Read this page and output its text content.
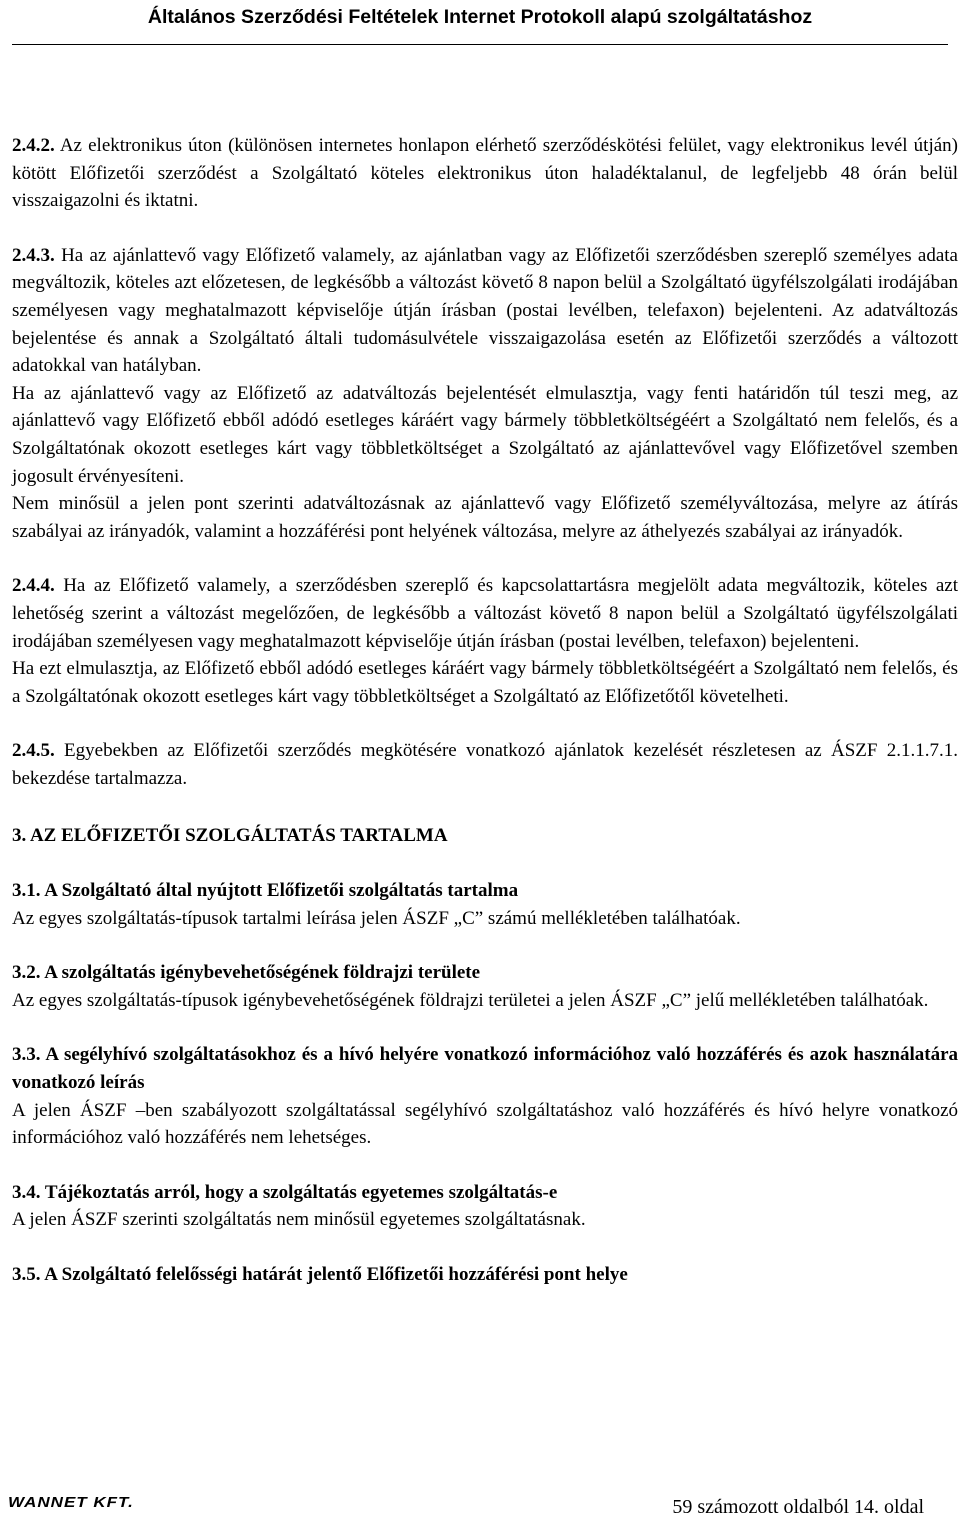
Általános Szerződési Feltételek Internet Protokoll alapú szolgáltatáshoz

2.4.2. Az elektronikus úton (különösen internetes honlapon elérhető szerződéskötési felület, vagy elektronikus levél útján) kötött Előfizetői szerződést a Szolgáltató köteles elektronikus úton haladéktalanul, de legfeljebb 48 órán belül visszaigazolni és iktatni.

2.4.3. Ha az ajánlattevő vagy Előfizető valamely, az ajánlatban vagy az Előfizetői szerződésben szereplő személyes adata megváltozik, köteles azt előzetesen, de legkésőbb a változást követő 8 napon belül a Szolgáltató ügyfélszolgálati irodájában személyesen vagy meghatalmazott képviselője útján írásban (postai levélben, telefaxon) bejelenteni. Az adatváltozás bejelentése és annak a Szolgáltató általi tudomásulvétele visszaigazolása esetén az Előfizetői szerződés a változott adatokkal van hatályban.

Ha az ajánlattevő vagy az Előfizető az adatváltozás bejelentését elmulasztja, vagy fenti határidőn túl teszi meg, az ajánlattevő vagy Előfizető ebből adódó esetleges káráért vagy bármely többletköltségéért a Szolgáltató nem felelős, és a Szolgáltatónak okozott esetleges kárt vagy többletköltséget a Szolgáltató az ajánlattevővel vagy Előfizetővel szemben jogosult érvényesíteni.

Nem minősül a jelen pont szerinti adatváltozásnak az ajánlattevő vagy Előfizető személyváltozása, melyre az átírás szabályai az irányadók, valamint a hozzáférési pont helyének változása, melyre az áthelyezés szabályai az irányadók.

2.4.4. Ha az Előfizető valamely, a szerződésben szereplő és kapcsolattartásra megjelölt adata megváltozik, köteles azt lehetőség szerint a változást megelőzően, de legkésőbb a változást követő 8 napon belül a Szolgáltató ügyfélszolgálati irodájában személyesen vagy meghatalmazott képviselője útján írásban (postai levélben, telefaxon) bejelenteni.

Ha ezt elmulasztja, az Előfizető ebből adódó esetleges káráért vagy bármely többletköltségéért a Szolgáltató nem felelős, és a Szolgáltatónak okozott esetleges kárt vagy többletköltséget a Szolgáltató az Előfizetőtől követelheti.

2.4.5. Egyebekben az Előfizetői szerződés megkötésére vonatkozó ajánlatok kezelését részletesen az ÁSZF 2.1.1.7.1. bekezdése tartalmazza.

3. AZ ELŐFIZETŐI SZOLGÁLTATÁS TARTALMA

3.1. A Szolgáltató által nyújtott Előfizetői szolgáltatás tartalma

Az egyes szolgáltatás-típusok tartalmi leírása jelen ÁSZF „C” számú mellékletében találhatóak.

3.2. A szolgáltatás igénybevehetőségének földrajzi területe

Az egyes szolgáltatás-típusok igénybevehetőségének földrajzi területei a jelen ÁSZF „C” jelű mellékletében találhatóak.

3.3. A segélyhívó szolgáltatásokhoz és a hívó helyére vonatkozó információhoz való hozzáférés és azok használatára vonatkozó leírás

A jelen ÁSZF –ben szabályozott szolgáltatással segélyhívó szolgáltatáshoz való hozzáférés és hívó helyre vonatkozó információhoz való hozzáférés nem lehetséges.

3.4. Tájékoztatás arról, hogy a szolgáltatás egyetemes szolgáltatás-e

A jelen ÁSZF szerinti szolgáltatás nem minősül egyetemes szolgáltatásnak.

3.5. A Szolgáltató felelősségi határát jelentő Előfizetői hozzáférési pont helye

WANNET KFT.	59 számozott oldalból 14. oldal
